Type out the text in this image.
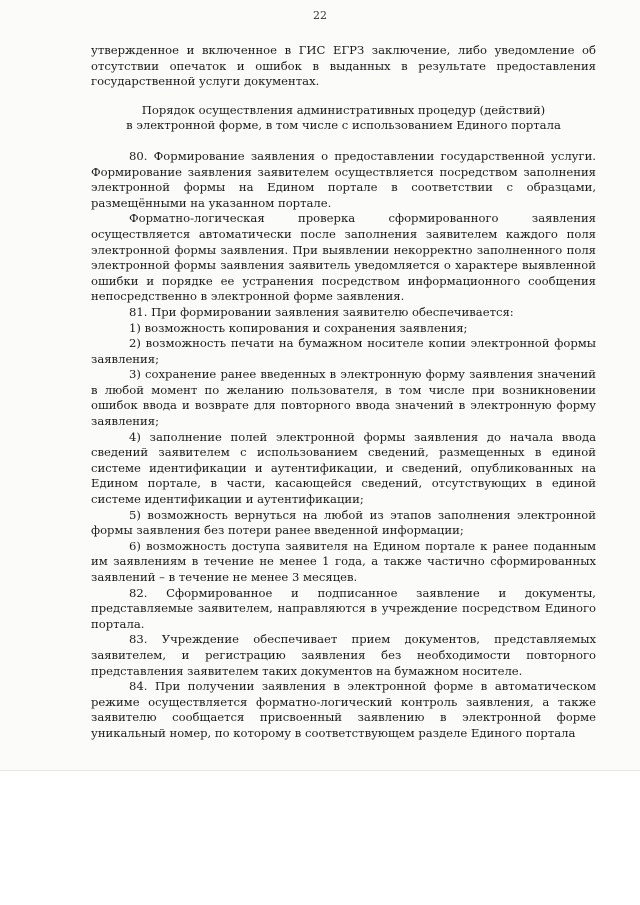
22

утвержденное и включенное в ГИС ЕГРЗ заключение, либо уведомление об отсутствии опечаток и ошибок в выданных в результате предоставления государственной услуги документах.

Порядок осуществления административных процедур (действий)
в электронной форме, в том числе с использованием Единого портала

80. Формирование заявления о предоставлении государственной услуги. Формирование заявления заявителем осуществляется посредством заполнения электронной формы на Едином портале в соответствии с образцами, размещёнными на указанном портале.

Форматно-логическая проверка сформированного заявления осуществляется автоматически после заполнения заявителем каждого поля электронной формы заявления. При выявлении некорректно заполненного поля электронной формы заявления заявитель уведомляется о характере выявленной ошибки и порядке ее устранения посредством информационного сообщения непосредственно в электронной форме заявления.

81. При формировании заявления заявителю обеспечивается:

1) возможность копирования и сохранения заявления;

2) возможность печати на бумажном носителе копии электронной формы заявления;

3) сохранение ранее введенных в электронную форму заявления значений в любой момент по желанию пользователя, в том числе при возникновении ошибок ввода и возврате для повторного ввода значений в электронную форму заявления;

4) заполнение полей электронной формы заявления до начала ввода сведений заявителем с использованием сведений, размещенных в единой системе идентификации и аутентификации, и сведений, опубликованных на Едином портале, в части, касающейся сведений, отсутствующих в единой системе идентификации и аутентификации;

5) возможность вернуться на любой из этапов заполнения электронной формы заявления без потери ранее введенной информации;

6) возможность доступа заявителя на Едином портале к ранее поданным им заявлениям в течение не менее 1 года, а также частично сформированных заявлений – в течение не менее 3 месяцев.

82. Сформированное и подписанное заявление и документы, представляемые заявителем, направляются в учреждение посредством Единого портала.

83. Учреждение обеспечивает прием документов, представляемых заявителем, и регистрацию заявления без необходимости повторного представления заявителем таких документов на бумажном носителе.

84. При получении заявления в электронной форме в автоматическом режиме осуществляется форматно-логический контроль заявления, а также заявителю сообщается присвоенный заявлению в электронной форме уникальный номер, по которому в соответствующем разделе Единого портала
